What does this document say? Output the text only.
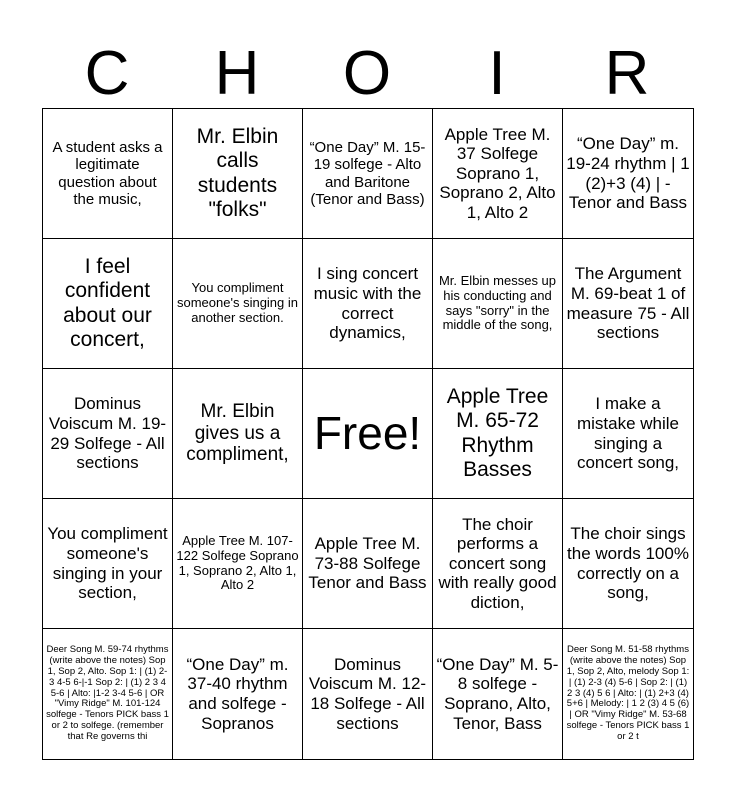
C	H	O	I	R
A student asks a legitimate question about the music,
Mr. Elbin calls students "folks"
“One Day” M. 15-19 solfege - Alto and Baritone (Tenor and Bass)
Apple Tree M. 37 Solfege Soprano 1, Soprano 2, Alto 1, Alto 2
“One Day” m. 19-24 rhythm | 1 (2)+3 (4) | - Tenor and Bass
I feel confident about our concert,
You compliment someone's singing in another section.
I sing concert music with the correct dynamics,
Mr. Elbin messes up his conducting and says "sorry" in the middle of the song,
The Argument M. 69-beat 1 of measure 75 - All sections
Dominus Voiscum M. 19-29 Solfege - All sections
Mr. Elbin gives us a compliment, Free!
Apple Tree M. 65-72 Rhythm Basses
I make a mistake while singing a concert song,
You compliment someone's singing in your section,
Apple Tree M. 107-122 Solfege Soprano 1, Soprano 2, Alto 1, Alto 2
Apple Tree M. 73-88 Solfege Tenor and Bass
The choir performs a concert song with really good diction,
The choir sings the words 100% correctly on a song,
Deer Song M. 59-74 rhythms (write above the notes) Sop 1, Sop 2, Alto. Sop 1: | (1) 2-3 4-5 6-|-1 Sop 2: | (1) 2 3 4 5-6 | Alto: |1-2 3-4 5-6 | OR "Vimy Ridge" M. 101-124 solfege - Tenors PICK bass 1 or 2 to solfege. (remember that Re governs thi
“One Day” m. 37-40 rhythm and solfege - Sopranos
Dominus Voiscum M. 12-18 Solfege - All sections
“One Day” M. 5-8 solfege - Soprano, Alto, Tenor, Bass
Deer Song M. 51-58 rhythms (write above the notes) Sop 1, Sop 2, Alto, melody Sop 1: | (1) 2-3 (4) 5-6 | Sop 2: | (1) 2 3 (4) 5 6 | Alto: | (1) 2+3 (4) 5+6 | Melody: | 1 2 (3) 4 5 (6) | OR "Vimy Ridge" M. 53-68 solfege - Tenors PICK bass 1 or 2 t
